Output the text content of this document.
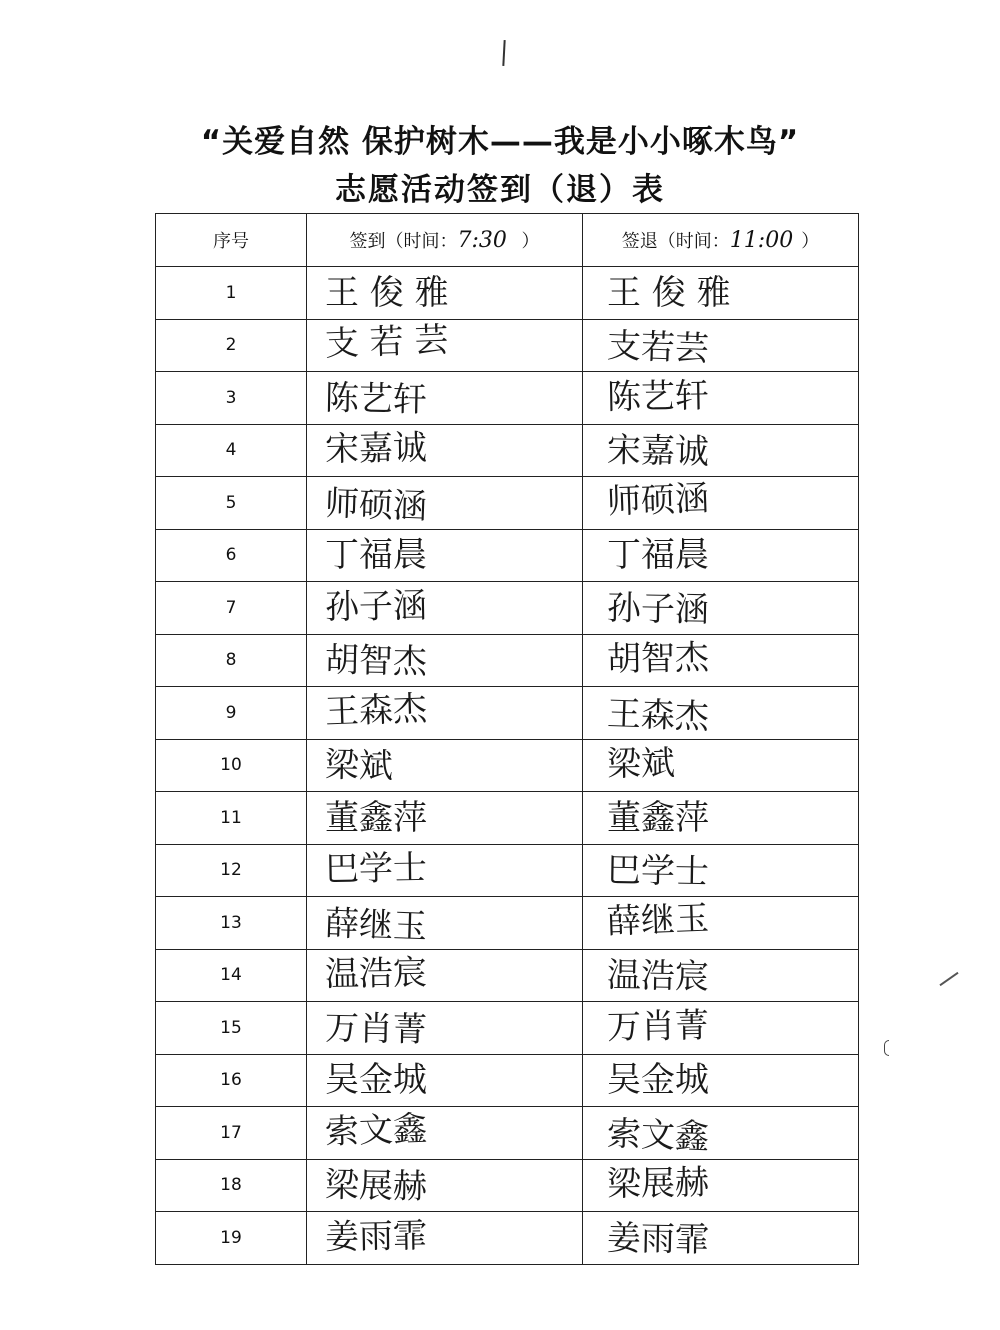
“关爱自然 保护树木——我是小小啄木鸟”
志愿活动签到（退）表
序号	签到（时间：7:30 ）	签退（时间：11:00 ）
1	王 俊 雅	王 俊 雅

2	支 若 芸	支若芸

3	陈艺轩	陈艺轩

4	宋嘉诚	宋嘉诚

5	师硕涵	师硕涵

6	丁福晨	丁福晨

7	孙子涵	孙子涵

8	胡智杰	胡智杰

9	王森杰	王森杰

10	梁斌	梁斌

11	董鑫萍	董鑫萍

12	巴学士	巴学士

13	薛继玉	薛继玉

14	温浩宸	温浩宸

15	万肖菁	万肖菁

16	吴金城	吴金城

17	索文鑫	索文鑫

18	梁展赫	梁展赫

19	姜雨霏	姜雨霏
